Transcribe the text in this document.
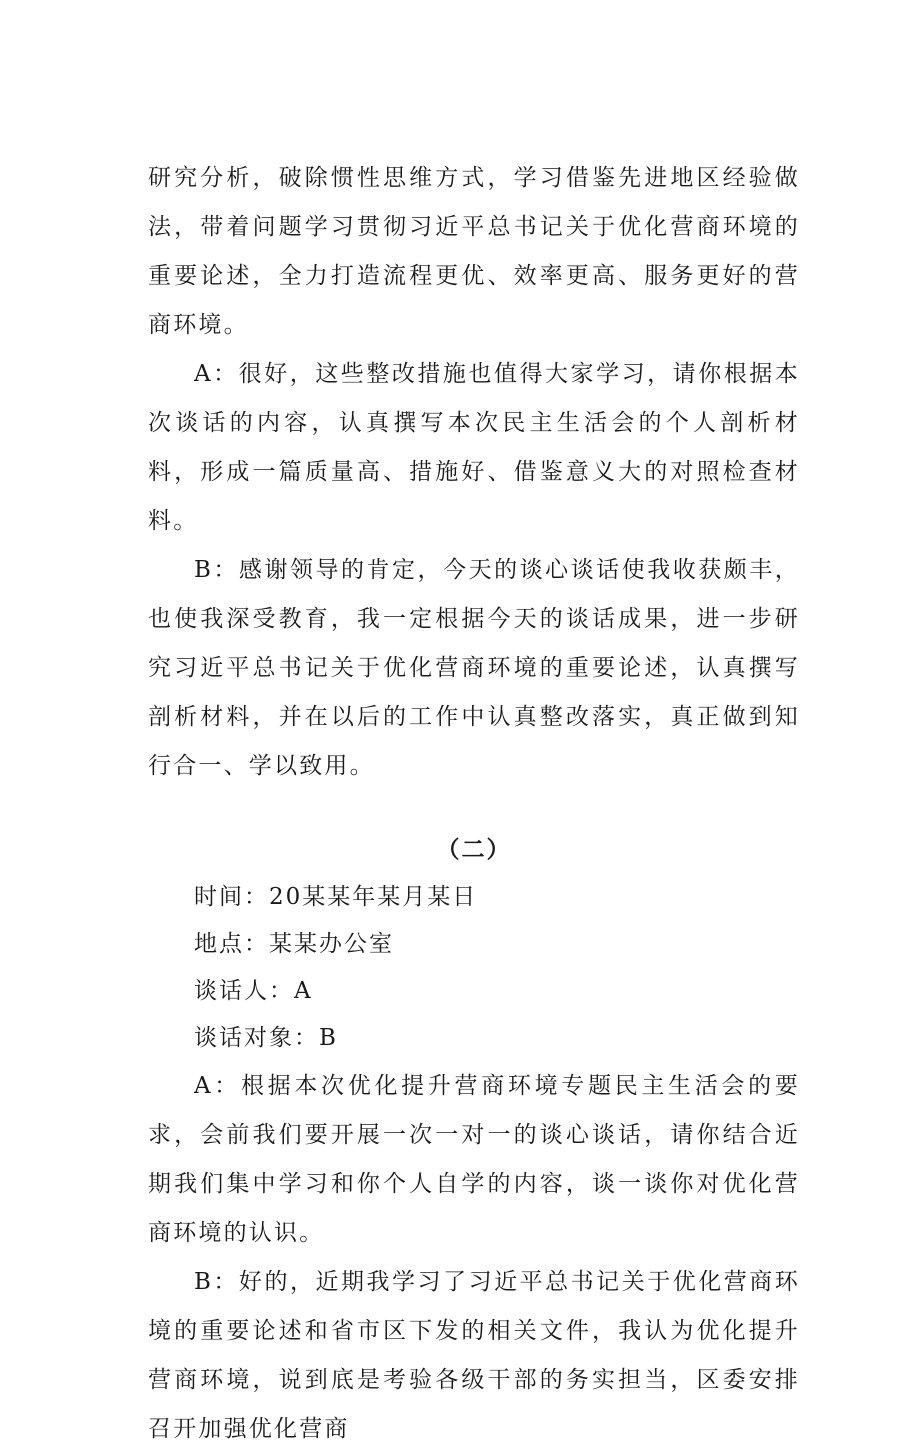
研究分析，破除惯性思维方式，学习借鉴先进地区经验做法，带着问题学习贯彻习近平总书记关于优化营商环境的重要论述，全力打造流程更优、效率更高、服务更好的营商环境。

A：很好，这些整改措施也值得大家学习，请你根据本次谈话的内容，认真撰写本次民主生活会的个人剖析材料，形成一篇质量高、措施好、借鉴意义大的对照检查材料。

B：感谢领导的肯定，今天的谈心谈话使我收获颇丰，也使我深受教育，我一定根据今天的谈话成果，进一步研究习近平总书记关于优化营商环境的重要论述，认真撰写剖析材料，并在以后的工作中认真整改落实，真正做到知行合一、学以致用。

（二）

时间：20某某年某月某日

地点：某某办公室

谈话人：A

谈话对象：B

A：根据本次优化提升营商环境专题民主生活会的要求，会前我们要开展一次一对一的谈心谈话，请你结合近期我们集中学习和你个人自学的内容，谈一谈你对优化营商环境的认识。

B：好的，近期我学习了习近平总书记关于优化营商环境的重要论述和省市区下发的相关文件，我认为优化提升营商环境，说到底是考验各级干部的务实担当，区委安排召开加强优化营商
